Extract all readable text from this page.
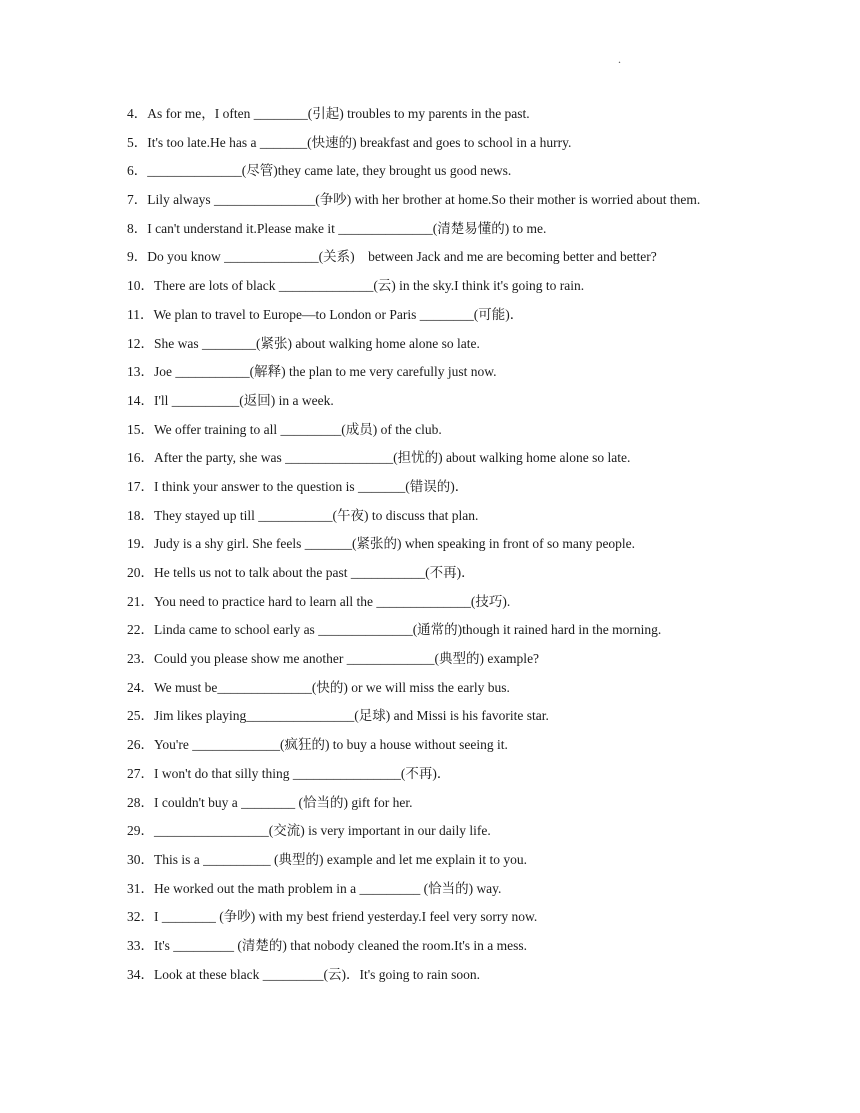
.
4．As for me，I often ________(引起) troubles to my parents in the past.
5．It's too late.He has a _______(快速的) breakfast and goes to school in a hurry.
6．______________(尽管)they came late, they brought us good news.
7．Lily always _______________(争吵) with her brother at home.So their mother is worried about them.
8．I can't understand it.Please make it ______________(清楚易懂的) to me.
9．Do you know ______________(关系)　between Jack and me are becoming better and better?
10．There are lots of black ______________(云) in the sky.I think it's going to rain.
11．We plan to travel to Europe—to London or Paris ________(可能)．
12．She was ________(紧张) about walking home alone so late.
13．Joe ___________(解释) the plan to me very carefully just now.
14．I'll __________(返回) in a week.
15．We offer training to all _________(成员) of the club.
16．After the party, she was ________________(担忧的) about walking home alone so late.
17．I think your answer to the question is _______(错误的)．
18．They stayed up till ___________(午夜) to discuss that plan.
19．Judy is a shy girl. She feels _______(紧张的) when speaking in front of so many people.
20．He tells us not to talk about the past ___________(不再)．
21．You need to practice hard to learn all the ______________(技巧).
22．Linda came to school early as ______________(通常的)though it rained hard in the morning.
23．Could you please show me another _____________(典型的) example?
24．We must be______________(快的) or we will miss the early bus.
25．Jim likes playing________________(足球) and Missi is his favorite star.
26．You're _____________(疯狂的) to buy a house without seeing it.
27．I won't do that silly thing ________________(不再)．
28．I couldn't buy a ________ (恰当的) gift for her.
29．_________________(交流) is very important in our daily life.
30．This is a __________ (典型的) example and let me explain it to you.
31．He worked out the math problem in a _________ (恰当的) way.
32．I ________ (争吵) with my best friend yesterday.I feel very sorry now.
33．It's _________ (清楚的) that nobody cleaned the room.It's in a mess.
34．Look at these black _________(云)．It's going to rain soon.
